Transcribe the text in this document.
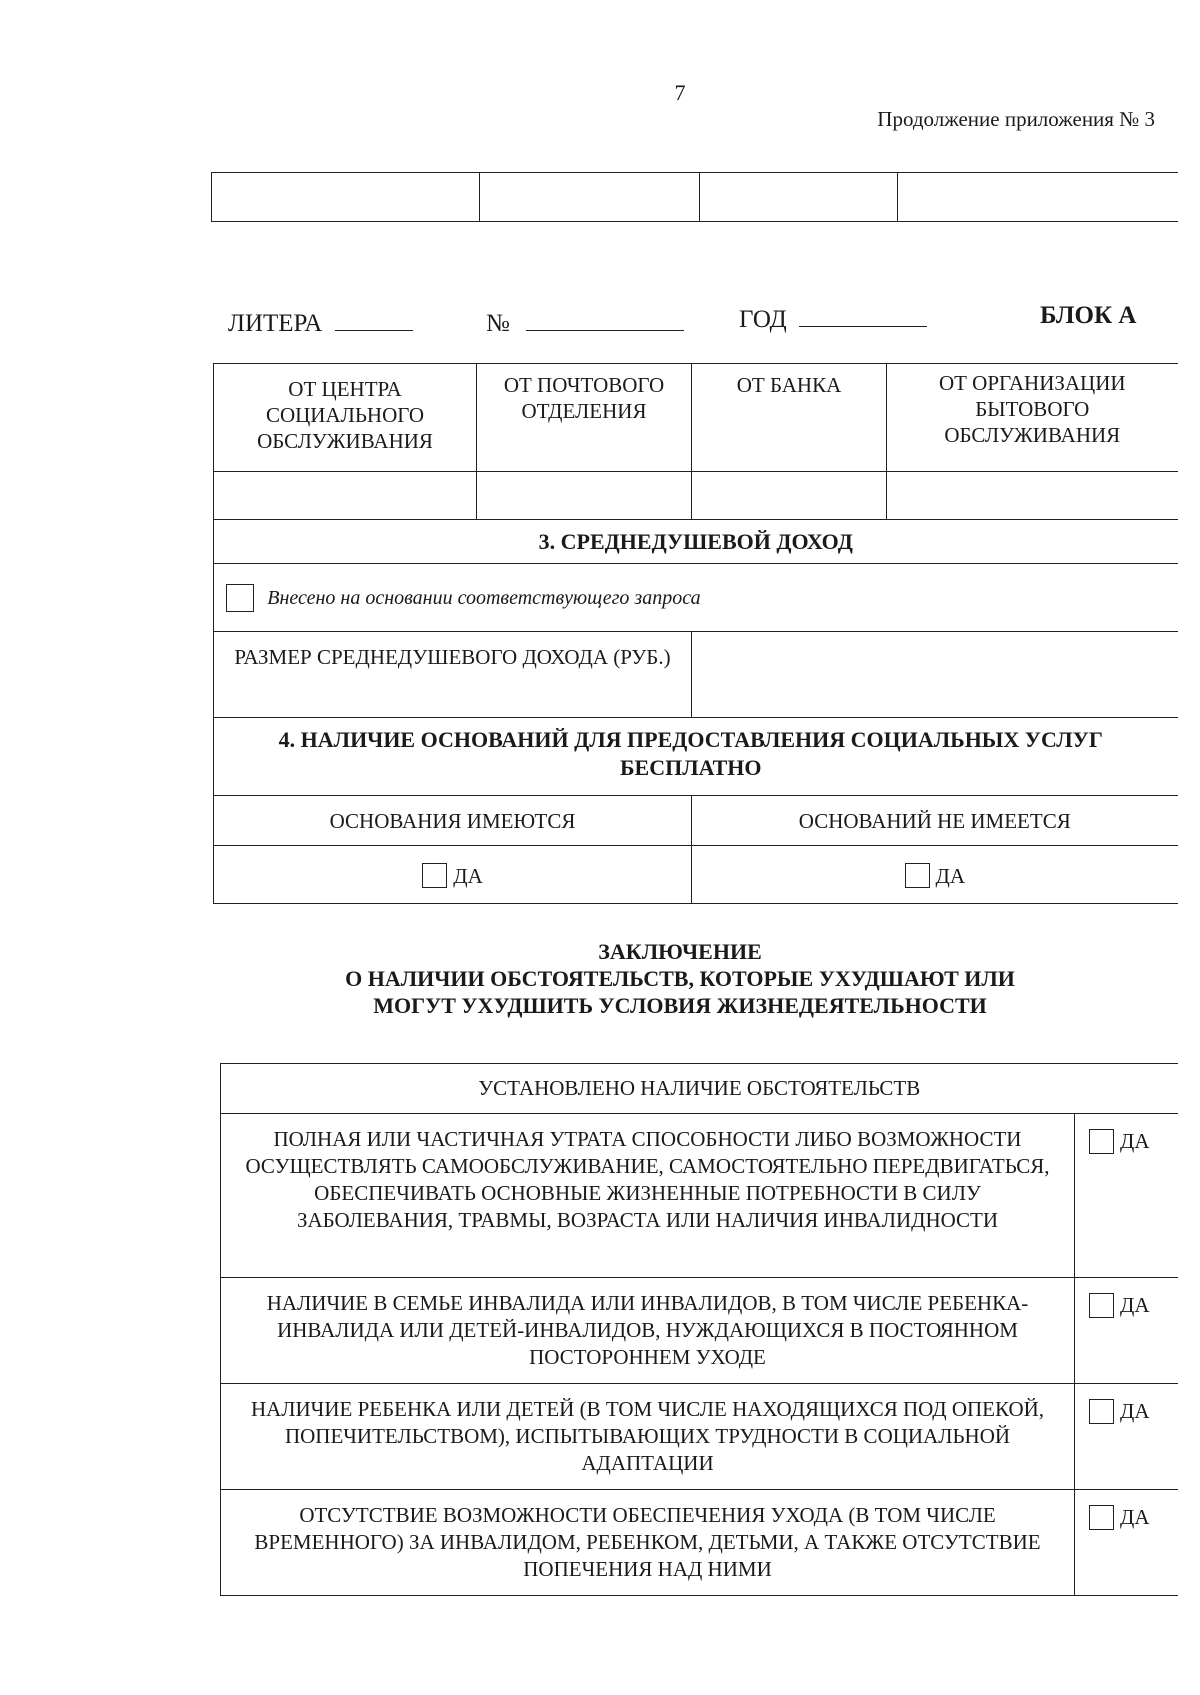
7
Продолжение приложения № 3

ЛИТЕРА	№	ГОД	БЛОК А
ОТ ЦЕНТРА СОЦИАЛЬНОГО ОБСЛУЖИВАНИЯ	ОТ ПОЧТОВОГО ОТДЕЛЕНИЯ	ОТ БАНКА	ОТ ОРГАНИЗАЦИИ БЫТОВОГО ОБСЛУЖИВАНИЯ

3. СРЕДНЕДУШЕВОЙ ДОХОД			
Внесено на основании соответствующего запроса			
РАЗМЕР СРЕДНЕДУШЕВОГО ДОХОДА (РУБ.)			
4. НАЛИЧИЕ ОСНОВАНИЙ ДЛЯ ПРЕДОСТАВЛЕНИЯ СОЦИАЛЬНЫХ УСЛУГ БЕСПЛАТНО			
ОСНОВАНИЯ ИМЕЮТСЯ		ОСНОВАНИЙ НЕ ИМЕЕТСЯ	
ДА		ДА	
ЗАКЛЮЧЕНИЕ
О НАЛИЧИИ ОБСТОЯТЕЛЬСТВ, КОТОРЫЕ УХУДШАЮТ ИЛИ
МОГУТ УХУДШИТЬ УСЛОВИЯ ЖИЗНЕДЕЯТЕЛЬНОСТИ
УСТАНОВЛЕНО НАЛИЧИЕ ОБСТОЯТЕЛЬСТВ	
ПОЛНАЯ ИЛИ ЧАСТИЧНАЯ УТРАТА СПОСОБНОСТИ ЛИБО ВОЗМОЖНОСТИ ОСУЩЕСТВЛЯТЬ САМООБСЛУЖИВАНИЕ, САМОСТОЯТЕЛЬНО ПЕРЕДВИГАТЬСЯ, ОБЕСПЕЧИВАТЬ ОСНОВНЫЕ ЖИЗНЕННЫЕ ПОТРЕБНОСТИ В СИЛУ ЗАБОЛЕВАНИЯ, ТРАВМЫ, ВОЗРАСТА ИЛИ НАЛИЧИЯ ИНВАЛИДНОСТИ	ДА
НАЛИЧИЕ В СЕМЬЕ ИНВАЛИДА ИЛИ ИНВАЛИДОВ, В ТОМ ЧИСЛЕ РЕБЕНКА-ИНВАЛИДА ИЛИ ДЕТЕЙ-ИНВАЛИДОВ, НУЖДАЮЩИХСЯ В ПОСТОЯННОМ ПОСТОРОННЕМ УХОДЕ	ДА
НАЛИЧИЕ РЕБЕНКА ИЛИ ДЕТЕЙ (В ТОМ ЧИСЛЕ НАХОДЯЩИХСЯ ПОД ОПЕКОЙ, ПОПЕЧИТЕЛЬСТВОМ), ИСПЫТЫВАЮЩИХ ТРУДНОСТИ В СОЦИАЛЬНОЙ АДАПТАЦИИ	ДА
ОТСУТСТВИЕ ВОЗМОЖНОСТИ ОБЕСПЕЧЕНИЯ УХОДА (В ТОМ ЧИСЛЕ ВРЕМЕННОГО) ЗА ИНВАЛИДОМ, РЕБЕНКОМ, ДЕТЬМИ, А ТАКЖЕ ОТСУТСТВИЕ ПОПЕЧЕНИЯ НАД НИМИ	ДА
